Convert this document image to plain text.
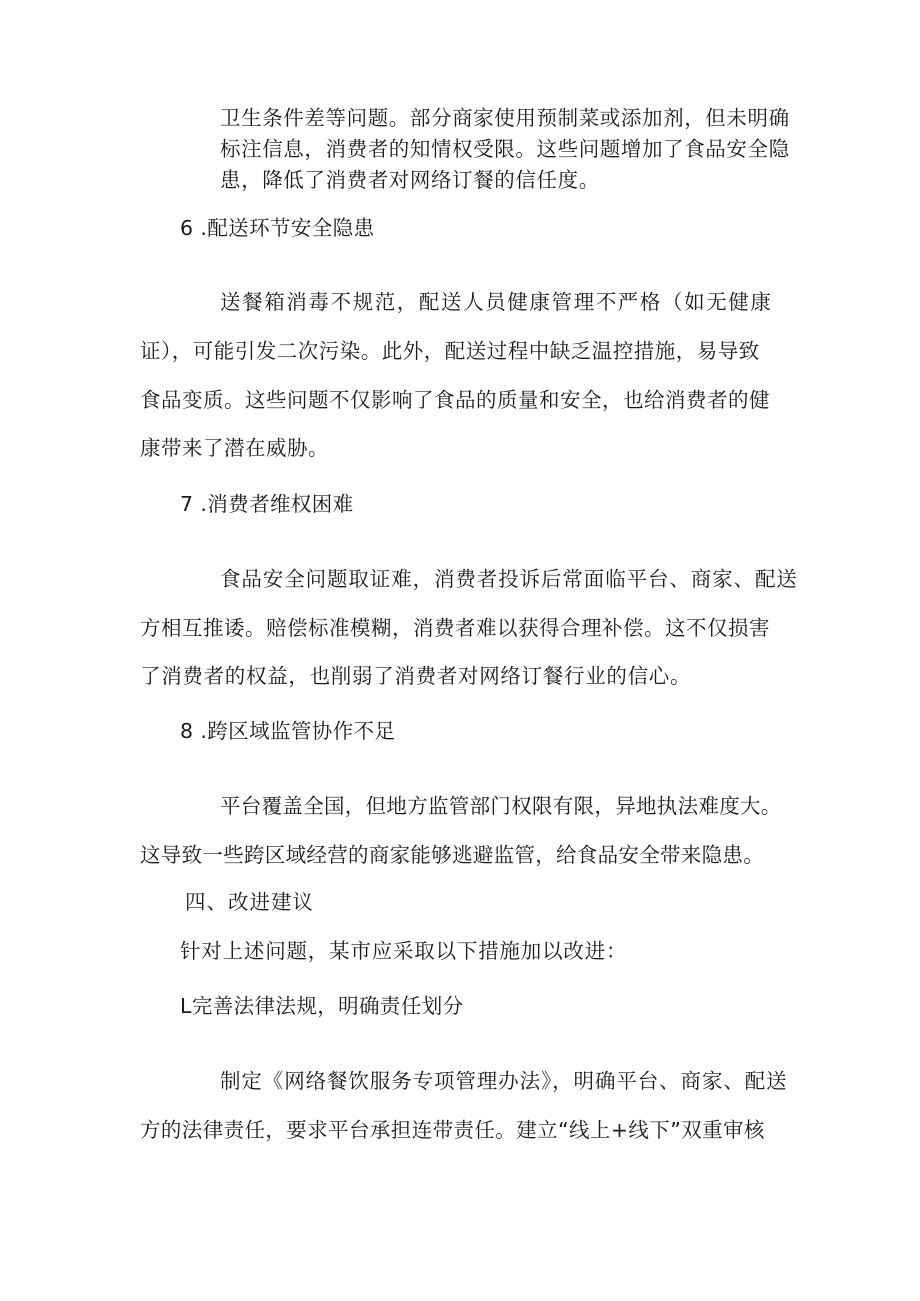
卫生条件差等问题。部分商家使用预制菜或添加剂，但未明确
标注信息，消费者的知情权受限。这些问题增加了食品安全隐
患，降低了消费者对网络订餐的信任度。
6 .配送环节安全隐患
送餐箱消毒不规范，配送人员健康管理不严格（如无健康
证），可能引发二次污染。此外，配送过程中缺乏温控措施，易导致
食品变质。这些问题不仅影响了食品的质量和安全，也给消费者的健
康带来了潜在威胁。
7 .消费者维权困难
食品安全问题取证难，消费者投诉后常面临平台、商家、配送
方相互推诿。赔偿标准模糊，消费者难以获得合理补偿。这不仅损害
了消费者的权益，也削弱了消费者对网络订餐行业的信心。
8 .跨区域监管协作不足
平台覆盖全国，但地方监管部门权限有限，异地执法难度大。
这导致一些跨区域经营的商家能够逃避监管，给食品安全带来隐患。
四、改进建议
针对上述问题，某市应采取以下措施加以改进：
L完善法律法规，明确责任划分
制定《网络餐饮服务专项管理办法》，明确平台、商家、配送
方的法律责任，要求平台承担连带责任。建立“线上+线下”双重审核
